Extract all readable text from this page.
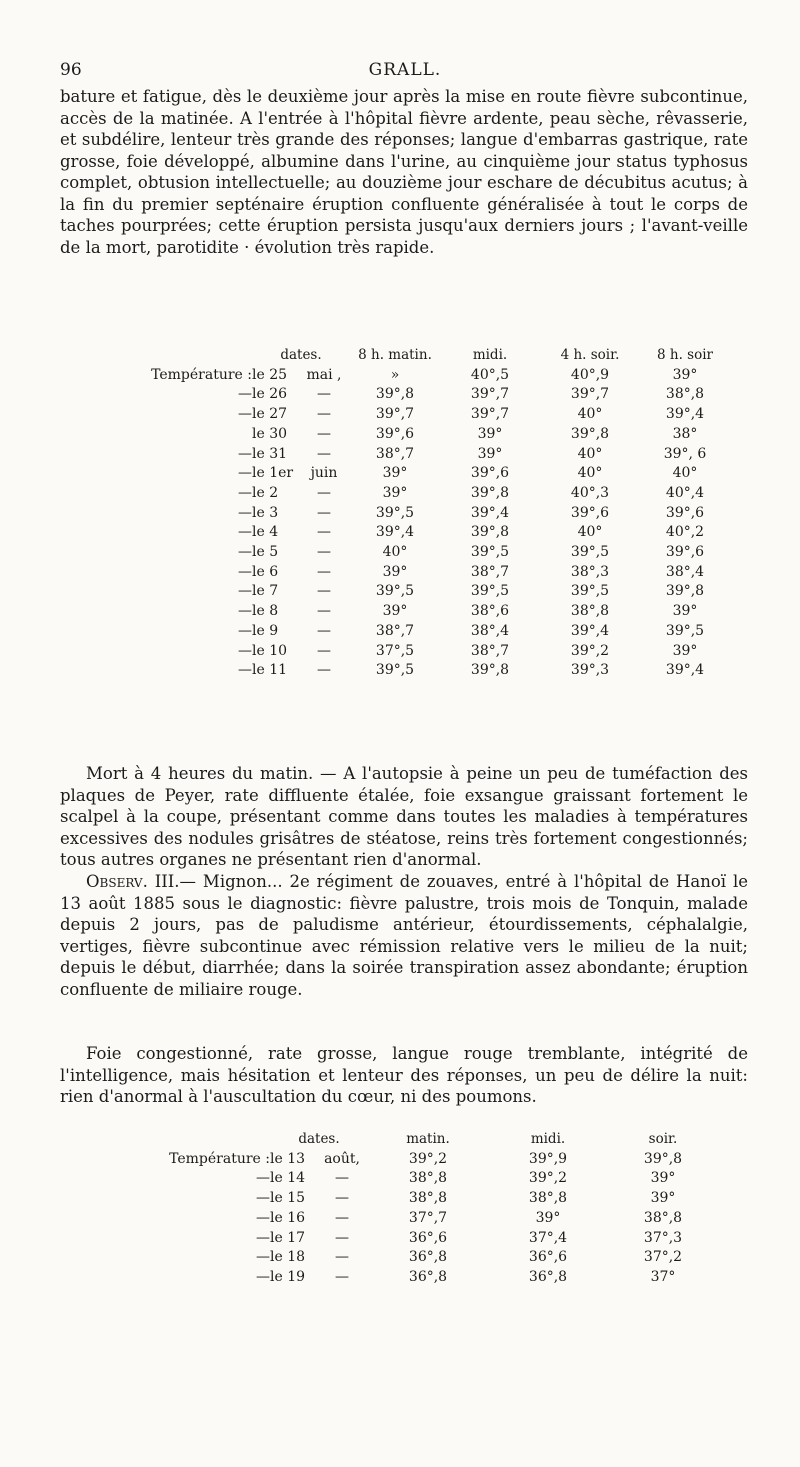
96	GRALL.

bature et fatigue, dès le deuxième jour après la mise en route fièvre subcontinue, accès de la matinée. A l'entrée à l'hôpital fièvre ardente, peau sèche, rêvasserie, et subdélire, lenteur très grande des réponses; langue d'embarras gastrique, rate grosse, foie développé, albumine dans l'urine, au cinquième jour status typhosus complet, obtusion intellectuelle; au douzième jour eschare de décubitus acutus; à la fin du premier septénaire éruption confluente généralisée à tout le corps de taches pourprées; cette éruption persista jusqu'aux derniers jours ; l'avant-veille de la mort, parotidite · évolution très rapide.

	dates.		8 h. matin.	midi.	4 h. soir.	8 h. soir
Température :	le 25	mai ,	»	40°,5	40°,9	39°
—	le 26	—	39°,8	39°,7	39°,7	38°,8
—	le 27	—	39°,7	39°,7	40°	39°,4
	le 30	—	39°,6	39°	39°,8	38°
—	le 31	—	38°,7	39°	40°	39°, 6
—	le 1er	juin	39°	39°,6	40°	40°
—	le 2	—	39°	39°,8	40°,3	40°,4
—	le 3	—	39°,5	39°,4	39°,6	39°,6
—	le 4	—	39°,4	39°,8	40°	40°,2
—	le 5	—	40°	39°,5	39°,5	39°,6
—	le 6	—	39°	38°,7	38°,3	38°,4
—	le 7	—	39°,5	39°,5	39°,5	39°,8
—	le 8	—	39°	38°,6	38°,8	39°
—	le 9	—	38°,7	38°,4	39°,4	39°,5
—	le 10	—	37°,5	38°,7	39°,2	39°
—	le 11	—	39°,5	39°,8	39°,3	39°,4

Mort à 4 heures du matin. — A l'autopsie à peine un peu de tuméfaction des plaques de Peyer, rate diffluente étalée, foie exsangue graissant fortement le scalpel à la coupe, présentant comme dans toutes les maladies à températures excessives des nodules grisâtres de stéatose, reins très fortement congestionnés; tous autres organes ne présentant rien d'anormal.

Observ. III.— Mignon... 2e régiment de zouaves, entré à l'hôpital de Hanoï le 13 août 1885 sous le diagnostic: fièvre palustre, trois mois de Tonquin, malade depuis 2 jours, pas de paludisme antérieur, étourdissements, céphalalgie, vertiges, fièvre subcontinue avec rémission relative vers le milieu de la nuit; depuis le début, diarrhée; dans la soirée transpiration assez abondante; éruption confluente de miliaire rouge.

Foie congestionné, rate grosse, langue rouge tremblante, intégrité de l'intelligence, mais hésitation et lenteur des réponses, un peu de délire la nuit: rien d'anormal à l'auscultation du cœur, ni des poumons.

	dates.		matin.	midi.	soir.
Température :	le 13	août,	39°,2	39°,9	39°,8
—	le 14	—	38°,8	39°,2	39°
—	le 15	—	38°,8	38°,8	39°
—	le 16	—	37°,7	39°	38°,8
—	le 17	—	36°,6	37°,4	37°,3
—	le 18	—	36°,8	36°,6	37°,2
—	le 19	—	36°,8	36°,8	37°
